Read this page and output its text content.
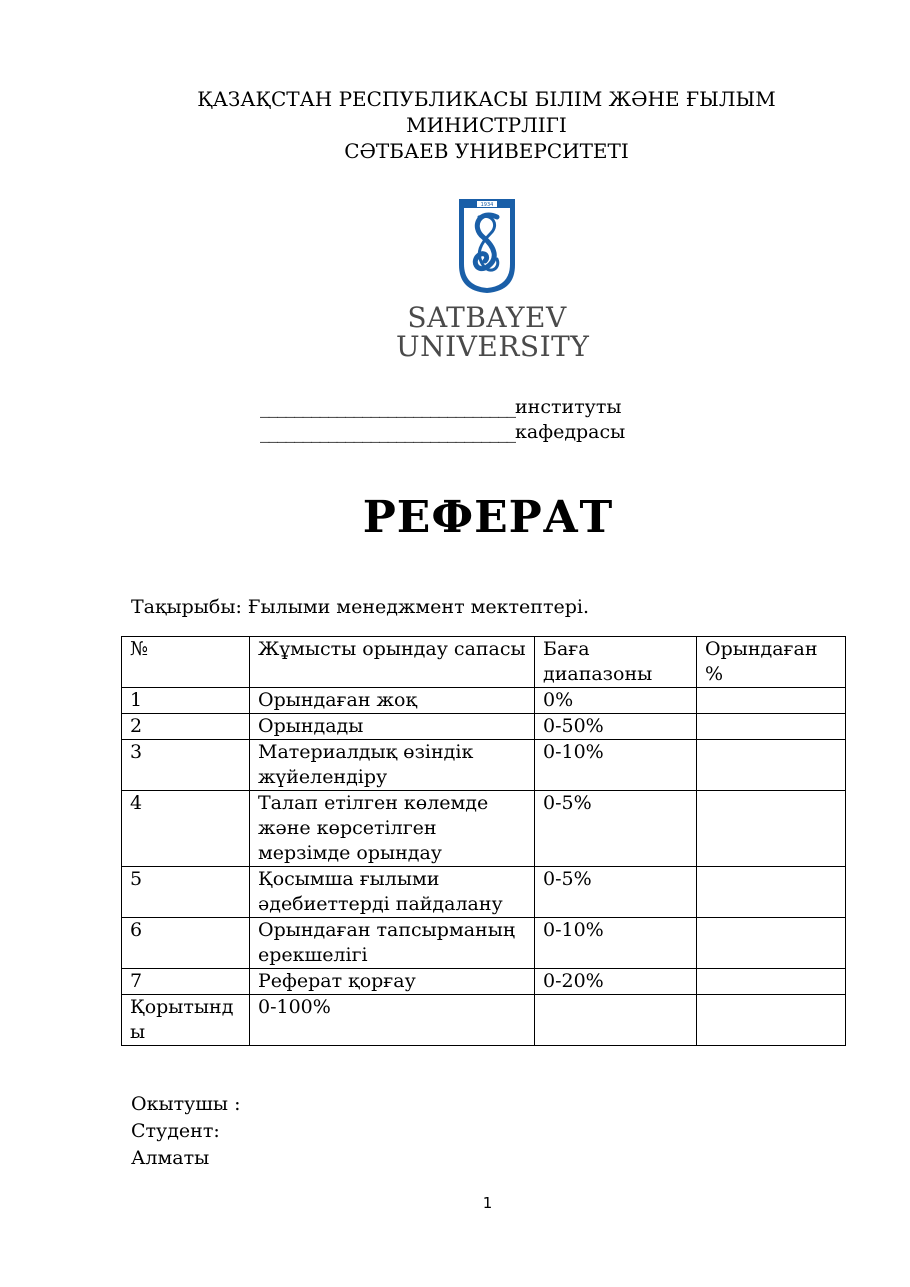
ҚАЗАҚСТАН РЕСПУБЛИКАСЫ БІЛІМ ЖӘНЕ ҒЫЛЫМ
МИНИСТРЛІГІ
СӘТБАЕВ УНИВЕРСИТЕТІ
1934
SATBAYEV
UNIVERSITY
______________________________институты
______________________________кафедрасы
РЕФЕРАТ
Тақырыбы: Ғылыми менеджмент мектептері.
№	Жұмысты орындау сапасы	Баға диапазоны	Орындаған %
1	Орындаған жоқ	0%	
2	Орындады	0-50%	
3	Материалдық өзіндік жүйелендіру	0-10%	
4	Талап етілген көлемде және көрсетілген мерзімде орындау	0-5%	
5	Қосымша ғылыми әдебиеттерді пайдалану	0-5%	
6	Орындаған тапсырманың ерекшелігі	0-10%	
7	Реферат қорғау	0-20%	
Қорытынды	0-100%		
Окытушы :
Студент:
Алматы
1
